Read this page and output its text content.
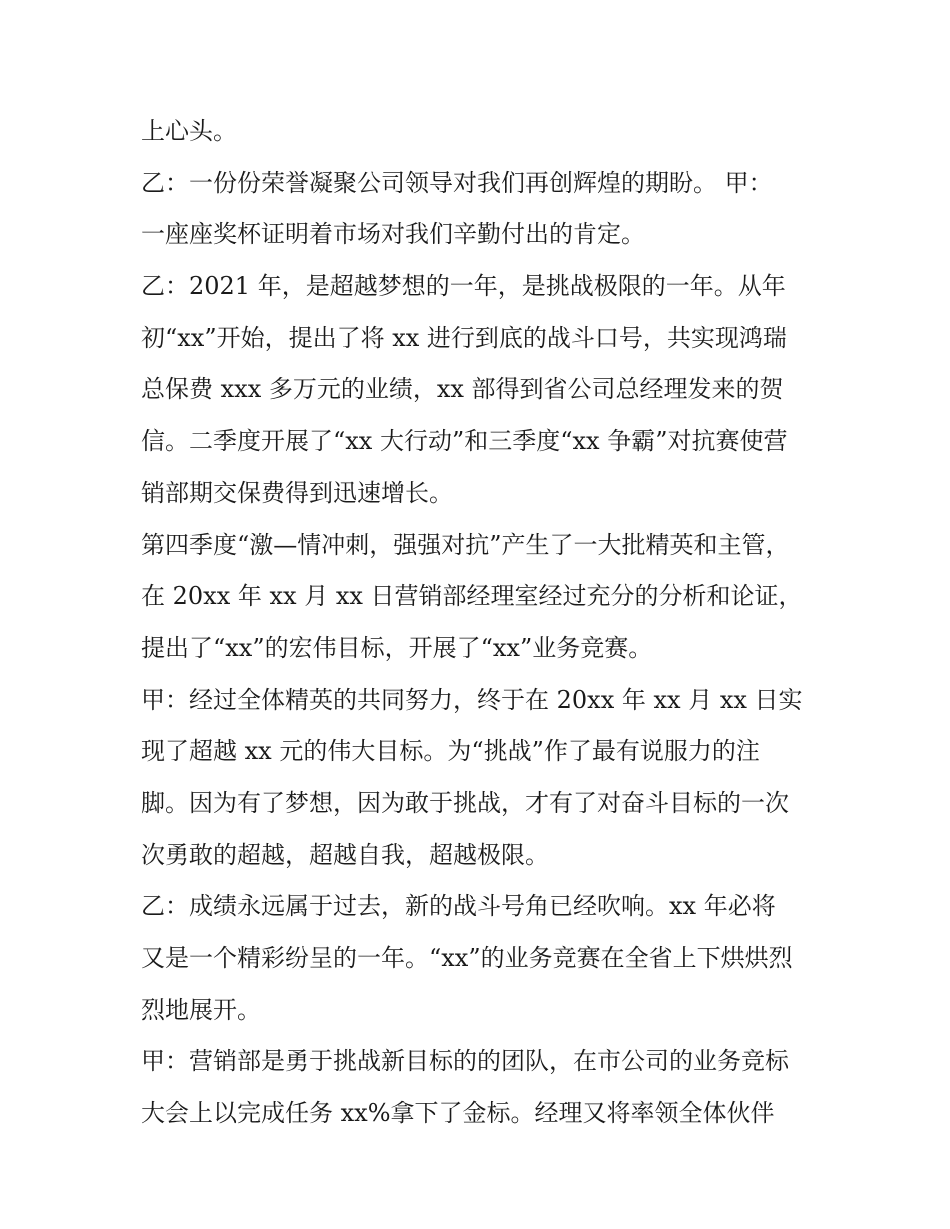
上心头。
乙：一份份荣誉凝聚公司领导对我们再创辉煌的期盼。 甲：
一座座奖杯证明着市场对我们辛勤付出的肯定。
乙：2021 年，是超越梦想的一年，是挑战极限的一年。从年
初“xx”开始，提出了将 xx 进行到底的战斗口号，共实现鸿瑞
总保费 xxx 多万元的业绩，xx 部得到省公司总经理发来的贺
信。二季度开展了“xx 大行动”和三季度“xx 争霸”对抗赛使营
销部期交保费得到迅速增长。
第四季度“激—情冲刺，强强对抗”产生了一大批精英和主管，
在 20xx 年 xx 月 xx 日营销部经理室经过充分的分析和论证，
提出了“xx”的宏伟目标，开展了“xx”业务竞赛。
甲：经过全体精英的共同努力，终于在 20xx 年 xx 月 xx 日实
现了超越 xx 元的伟大目标。为“挑战”作了最有说服力的注
脚。因为有了梦想，因为敢于挑战，才有了对奋斗目标的一次
次勇敢的超越，超越自我，超越极限。
乙：成绩永远属于过去，新的战斗号角已经吹响。xx 年必将
又是一个精彩纷呈的一年。“xx”的业务竞赛在全省上下烘烘烈
烈地展开。
甲：营销部是勇于挑战新目标的的团队，在市公司的业务竞标
大会上以完成任务 xx%拿下了金标。经理又将率领全体伙伴
